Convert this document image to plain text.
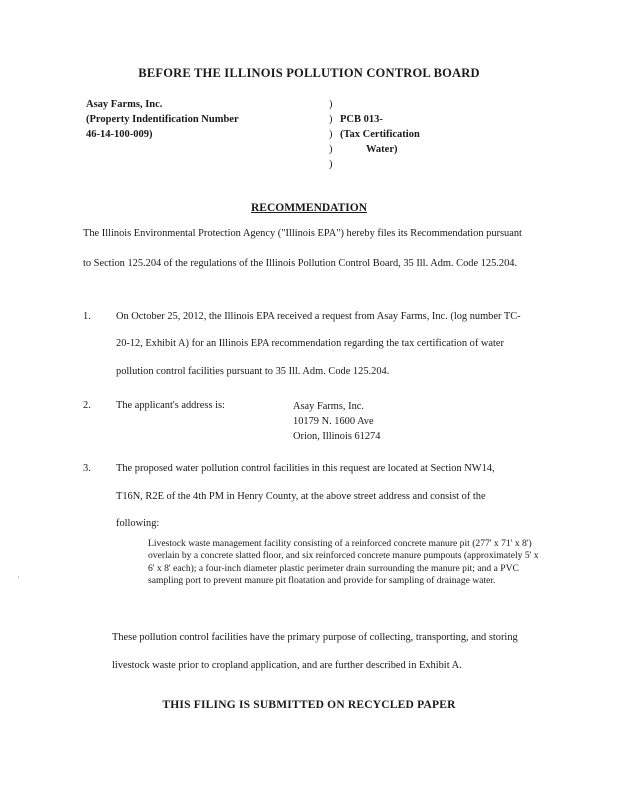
BEFORE THE ILLINOIS POLLUTION CONTROL BOARD
Asay Farms, Inc.
(Property Indentification Number
46-14-100-009)
)
)
)
)
)
PCB 013-
(Tax Certification
Water)
RECOMMENDATION
The Illinois Environmental Protection Agency ("Illinois EPA") hereby files its Recommendation pursuant
to Section 125.204 of the regulations of the Illinois Pollution Control Board, 35 Ill. Adm. Code 125.204.
1. On October 25, 2012, the Illinois EPA received a request from Asay Farms, Inc. (log number TC-
20-12, Exhibit A) for an Illinois EPA recommendation regarding the tax certification of water
pollution control facilities pursuant to 35 Ill. Adm. Code 125.204.
2. The applicant's address is:	Asay Farms, Inc.
10179 N. 1600 Ave
Orion, Illinois 61274
3. The proposed water pollution control facilities in this request are located at Section NW14,
T16N, R2E of the 4th PM in Henry County, at the above street address and consist of the
following:
Livestock waste management facility consisting of a reinforced concrete manure pit (277' x 71' x 8') overlain by a concrete slatted floor, and six reinforced concrete manure pumpouts (approximately 5' x 6' x 8' each); a four-inch diameter plastic perimeter drain surrounding the manure pit; and a PVC sampling port to prevent manure pit floatation and provide for sampling of drainage water.
·
These pollution control facilities have the primary purpose of collecting, transporting, and storing
livestock waste prior to cropland application, and are further described in Exhibit A.
THIS FILING IS SUBMITTED ON RECYCLED PAPER
